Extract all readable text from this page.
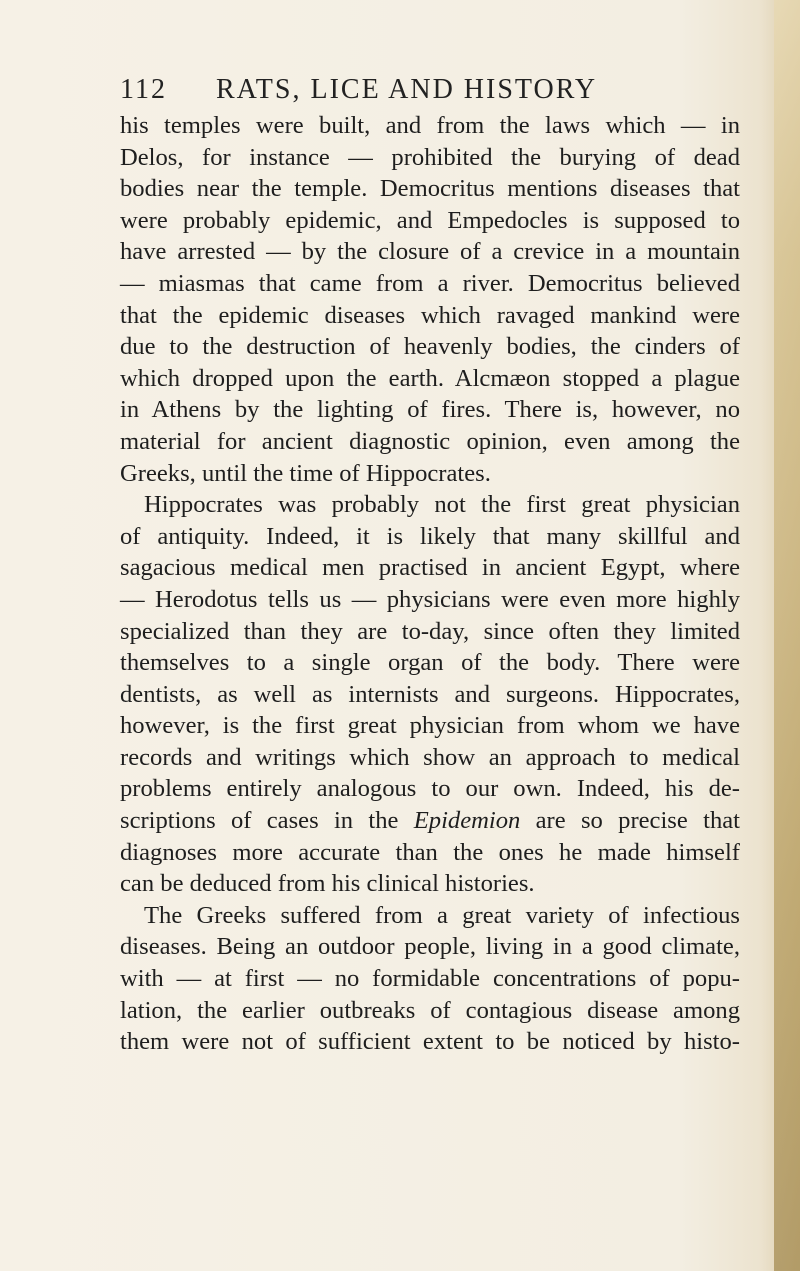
112 RATS, LICE AND HISTORY
his temples were built, and from the laws which — in
Delos, for instance — prohibited the burying of dead
bodies near the temple. Democritus mentions diseases that
were probably epidemic, and Empedocles is supposed to
have arrested — by the closure of a crevice in a mountain
— miasmas that came from a river. Democritus believed
that the epidemic diseases which ravaged mankind were
due to the destruction of heavenly bodies, the cinders of
which dropped upon the earth. Alcmæon stopped a plague
in Athens by the lighting of fires. There is, however, no
material for ancient diagnostic opinion, even among the
Greeks, until the time of Hippocrates.
Hippocrates was probably not the first great physician
of antiquity. Indeed, it is likely that many skillful and
sagacious medical men practised in ancient Egypt, where
— Herodotus tells us — physicians were even more highly
specialized than they are to-day, since often they limited
themselves to a single organ of the body. There were
dentists, as well as internists and surgeons. Hippocrates,
however, is the first great physician from whom we have
records and writings which show an approach to medical
problems entirely analogous to our own. Indeed, his de-
scriptions of cases in the Epidemion are so precise that
diagnoses more accurate than the ones he made himself
can be deduced from his clinical histories.
The Greeks suffered from a great variety of infectious
diseases. Being an outdoor people, living in a good climate,
with — at first — no formidable concentrations of popu-
lation, the earlier outbreaks of contagious disease among
them were not of sufficient extent to be noticed by histo-
